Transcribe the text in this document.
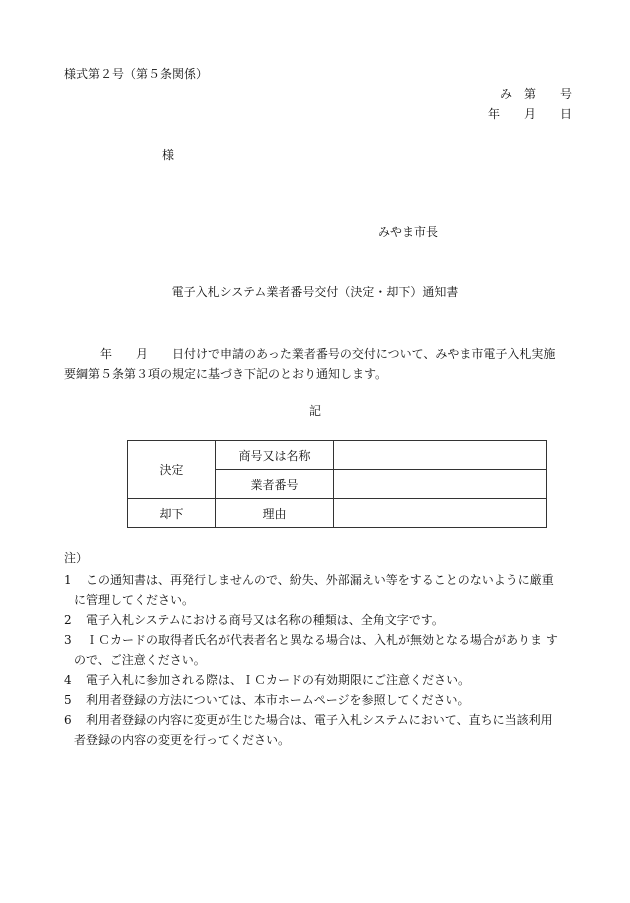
様式第２号（第５条関係）
み　第　　号
年　　月　　日
様
みやま市長
電子入札システム業者番号交付（決定・却下）通知書
年　　月　　日付けで申請のあった業者番号の交付について、みやま市電子入札実施
要綱第５条第３項の規定に基づき下記のとおり通知します。
記
決定	商号又は名称	
	業者番号	
却下	理由	
注）
1 この通知書は、再発行しませんので、紛失、外部漏えい等をすることのないように厳重
に管理してください。
2 電子入札システムにおける商号又は名称の種類は、全角文字です。
3 ＩＣカードの取得者氏名が代表者名と異なる場合は、入札が無効となる場合がありま す
ので、ご注意ください。
4 電子入札に参加される際は、ＩＣカードの有効期限にご注意ください。
5 利用者登録の方法については、本市ホームページを参照してください。
6 利用者登録の内容に変更が生じた場合は、電子入札システムにおいて、直ちに当該利用
者登録の内容の変更を行ってください。
